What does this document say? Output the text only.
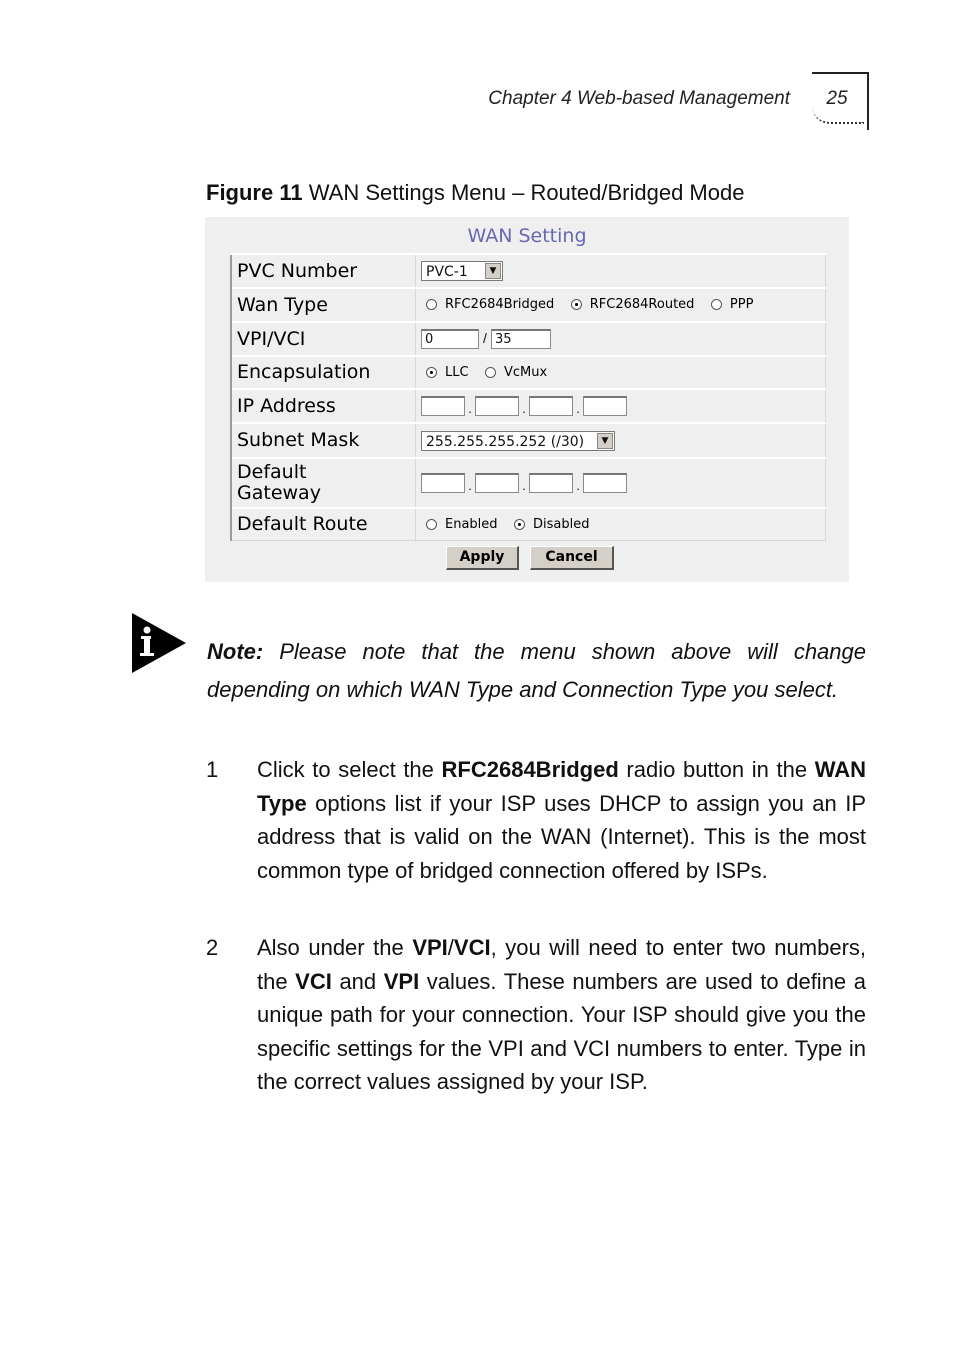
Chapter 4 Web-based Management	25
Figure 11 WAN Settings Menu – Routed/Bridged Mode
WAN Setting
PVC Number	PVC-1 ▼

Wan Type	RFC2684Bridged RFC2684Routed PPP
VPI/VCI	0 / 35
Encapsulation	LLC VcMux
IP Address	. . .
Subnet Mask	255.255.255.252 (/30) ▼

Default
Gateway	. . .
Default Route	Enabled Disabled
Apply	Cancel
Note: Please note that the menu shown above will change depending on which WAN Type and Connection Type you select.
1 Click to select the RFC2684Bridged radio button in the WAN Type options list if your ISP uses DHCP to assign you an IP address that is valid on the WAN (Internet). This is the most common type of bridged connection offered by ISPs.
2 Also under the VPI/VCI, you will need to enter two numbers, the VCI and VPI values. These numbers are used to define a unique path for your connection. Your ISP should give you the specific settings for the VPI and VCI numbers to enter. Type in the correct values assigned by your ISP.
